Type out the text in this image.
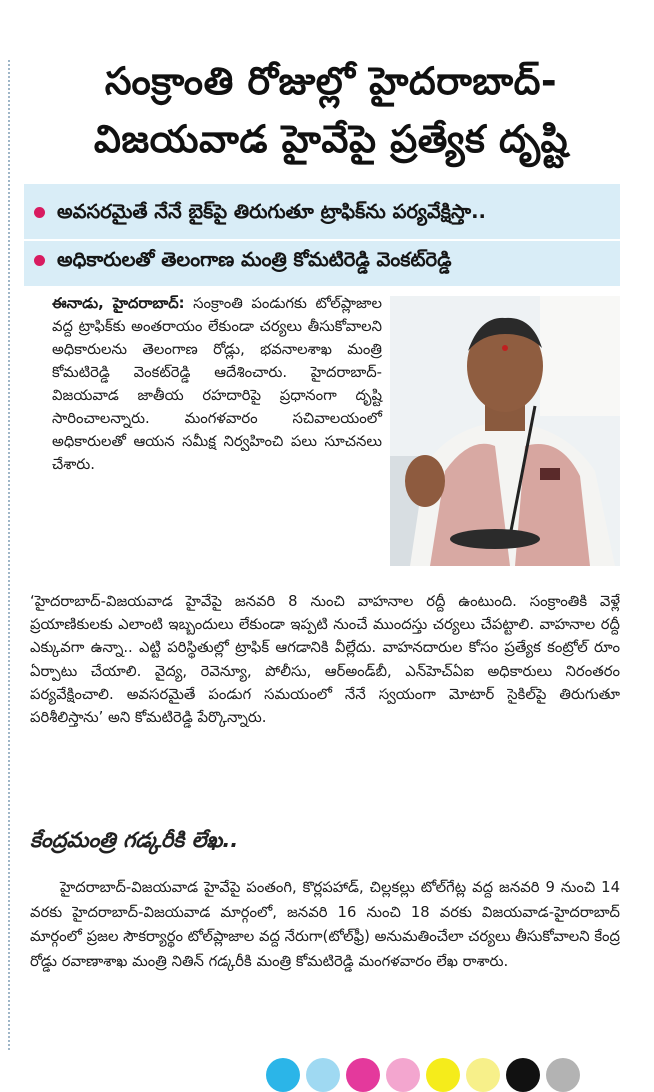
సంక్రాంతి రోజుల్లో హైదరాబాద్‌-
విజయవాడ హైవేపై ప్రత్యేక దృష్టి
అవసరమైతే నేనే బైక్‌పై తిరుగుతూ ట్రాఫిక్‌ను పర్యవేక్షిస్తా..
అధికారులతో తెలంగాణ మంత్రి కోమటిరెడ్డి వెంకట్‌రెడ్డి
ఈనాడు, హైదరాబాద్‌: సంక్రాంతి పండుగకు టోల్‌ప్లాజాల వద్ద ట్రాఫిక్‌కు అంతరాయం లేకుండా చర్యలు తీసుకోవాలని అధికారులను తెలంగాణ రోడ్లు, భవనాలశాఖ మంత్రి కోమటిరెడ్డి వెంకట్‌రెడ్డి ఆదేశించారు. హైదరాబాద్‌-విజయవాడ జాతీయ రహదారిపై ప్రధానంగా దృష్టి సారించాలన్నారు. మంగళవారం సచివాలయంలో అధికారులతో ఆయన సమీక్ష నిర్వహించి పలు సూచనలు చేశారు.
‘హైదరాబాద్‌-విజయవాడ హైవేపై జనవరి 8 నుంచి వాహనాల రద్దీ ఉంటుంది. సంక్రాంతికి వెళ్లే ప్రయాణికులకు ఎలాంటి ఇబ్బందులు లేకుండా ఇప్పటి నుంచే ముందస్తు చర్యలు చేపట్టాలి. వాహనాల రద్దీ ఎక్కువగా ఉన్నా.. ఎట్టి పరిస్థితుల్లో ట్రాఫిక్‌ ఆగడానికి వీల్లేదు. వాహనదారుల కోసం ప్రత్యేక కంట్రోల్‌ రూం ఏర్పాటు చేయాలి. వైద్య, రెవెన్యూ, పోలీసు, ఆర్‌అండ్‌బీ, ఎన్‌హెచ్‌ఏఐ అధికారులు నిరంతరం పర్యవేక్షించాలి. అవసరమైతే పండుగ సమయంలో నేనే స్వయంగా మోటార్‌ సైకిల్‌పై తిరుగుతూ పరిశీలిస్తాను’ అని కోమటిరెడ్డి పేర్కొన్నారు.
కేంద్రమంత్రి గడ్కరీకి లేఖ..
హైదరాబాద్‌-విజయవాడ హైవేపై పంతంగి, కొర్లపహాడ్‌, చిల్లకల్లు టోల్‌గేట్ల వద్ద జనవరి 9 నుంచి 14 వరకు హైదరాబాద్‌-విజయవాడ మార్గంలో, జనవరి 16 నుంచి 18 వరకు విజయవాడ-హైదరాబాద్‌ మార్గంలో ప్రజల సౌకర్యార్థం టోల్‌ప్లాజాల వద్ద నేరుగా(టోల్‌ఫ్రీ) అనుమతించేలా చర్యలు తీసుకోవాలని కేంద్ర రోడ్డు రవాణాశాఖ మంత్రి నితిన్‌ గడ్కరీకి మంత్రి కోమటిరెడ్డి మంగళవారం లేఖ రాశారు.
